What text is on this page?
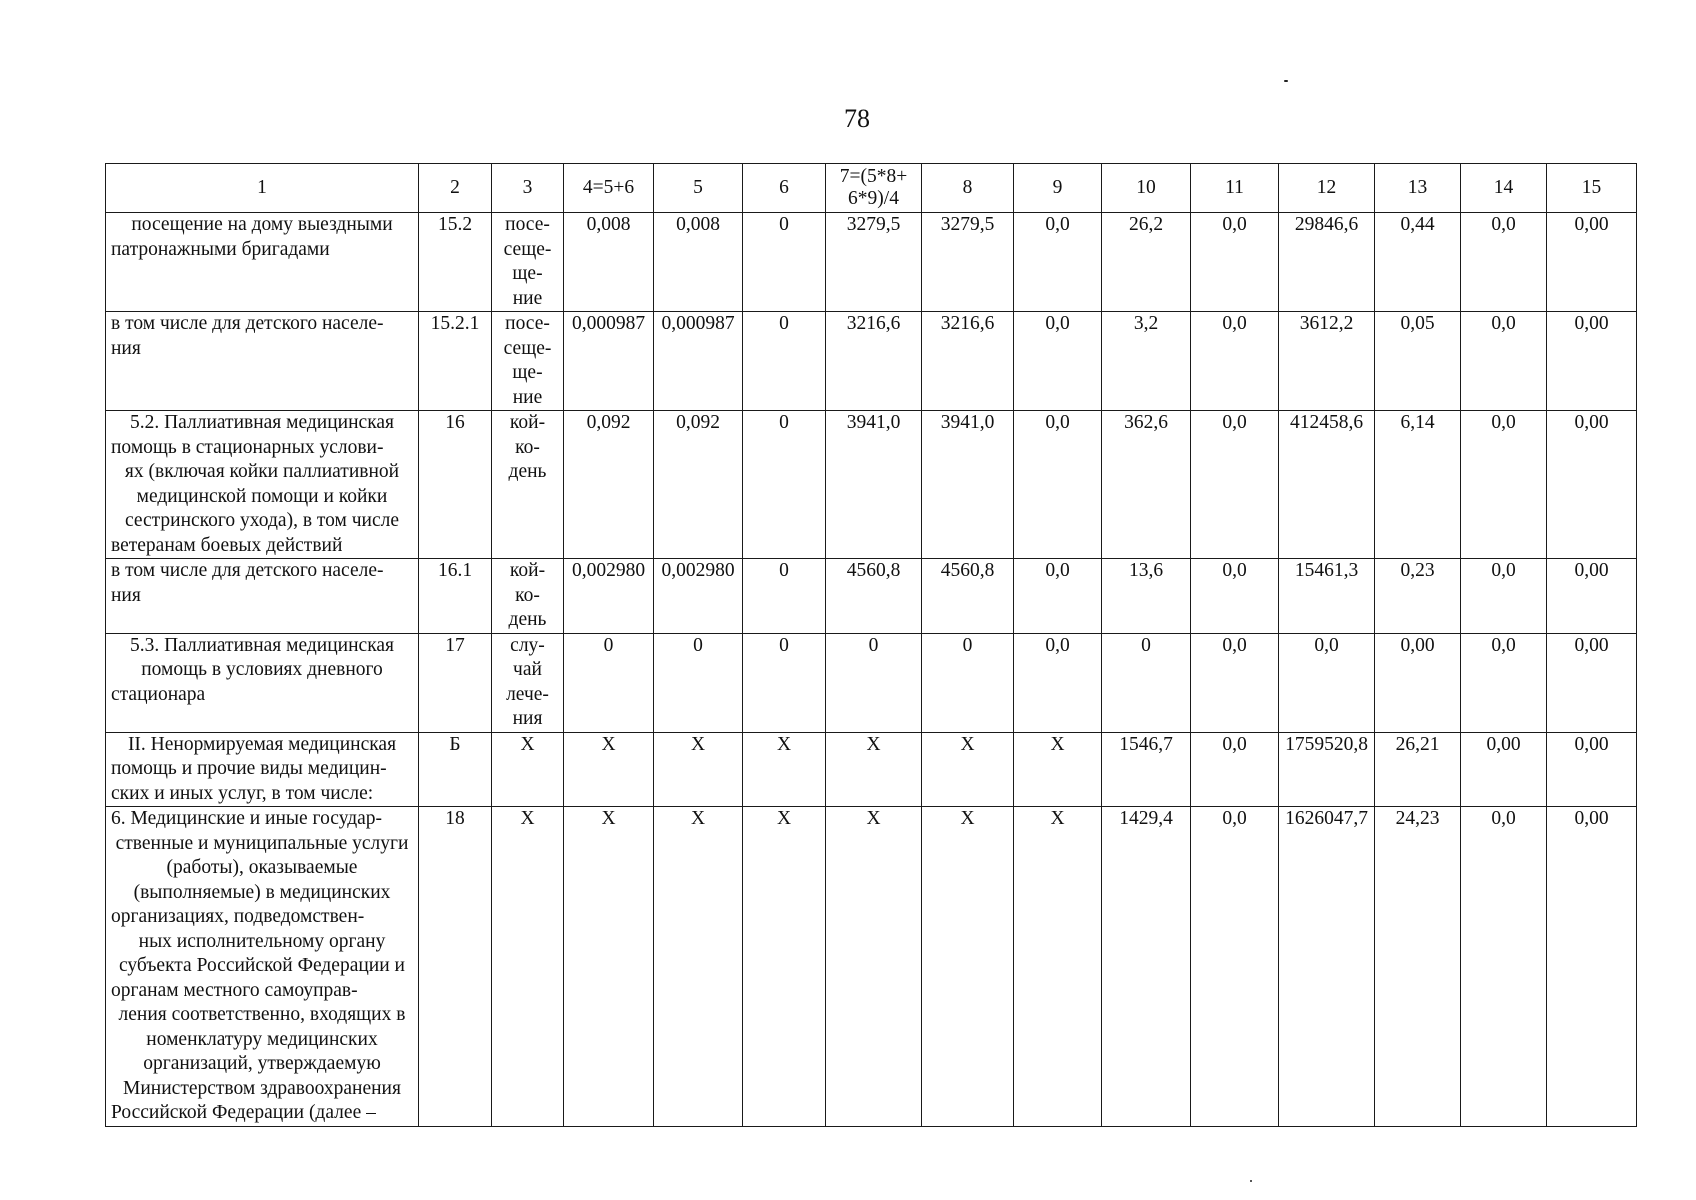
78
1	2	3	4=5+6	5	6	7=(5*8+ 6*9)/4	8	9	10	11	12	13	14	15
посещение на дому выездными патронажными бригадами	15.2	посе-
сеще-
ще-
ние	0,008	0,008	0	3279,5	3279,5	0,0	26,2	0,0	29846,6	0,44	0,0	0,00
в том числе для детского населе-
ния	15.2.1	посе-
сеще-
ще-
ние	0,000987	0,000987	0	3216,6	3216,6	0,0	3,2	0,0	3612,2	0,05	0,0	0,00
5.2. Паллиативная медицинская помощь в стационарных услови-
ях (включая койки паллиативной медицинской помощи и койки сестринского ухода), в том числе ветеранам боевых действий	16	кой-
ко-
день	0,092	0,092	0	3941,0	3941,0	0,0	362,6	0,0	412458,6	6,14	0,0	0,00
в том числе для детского населе-
ния	16.1	кой-
ко-
день	0,002980	0,002980	0	4560,8	4560,8	0,0	13,6	0,0	15461,3	0,23	0,0	0,00
5.3. Паллиативная медицинская помощь в условиях дневного стационара	17	слу-
чай
лече-
ния	0	0	0	0	0	0,0	0	0,0	0,0	0,00	0,0	0,00
II. Ненормируемая медицинская помощь и прочие виды медицин-
ских и иных услуг, в том числе:	Б	X	X	X	X	X	X	X	1546,7	0,0	1759520,8	26,21	0,00	0,00
6. Медицинские и иные государ-
ственные и муниципальные услуги (работы), оказываемые (выполняемые) в медицинских организациях, подведомствен-
ных исполнительному органу субъекта Российской Федерации и органам местного самоуправ-
ления соответственно, входящих в номенклатуру медицинских организаций, утверждаемую Министерством здравоохранения Российской Федерации (далее –	18	X	X	X	X	X	X	X	1429,4	0,0	1626047,7	24,23	0,0	0,00
